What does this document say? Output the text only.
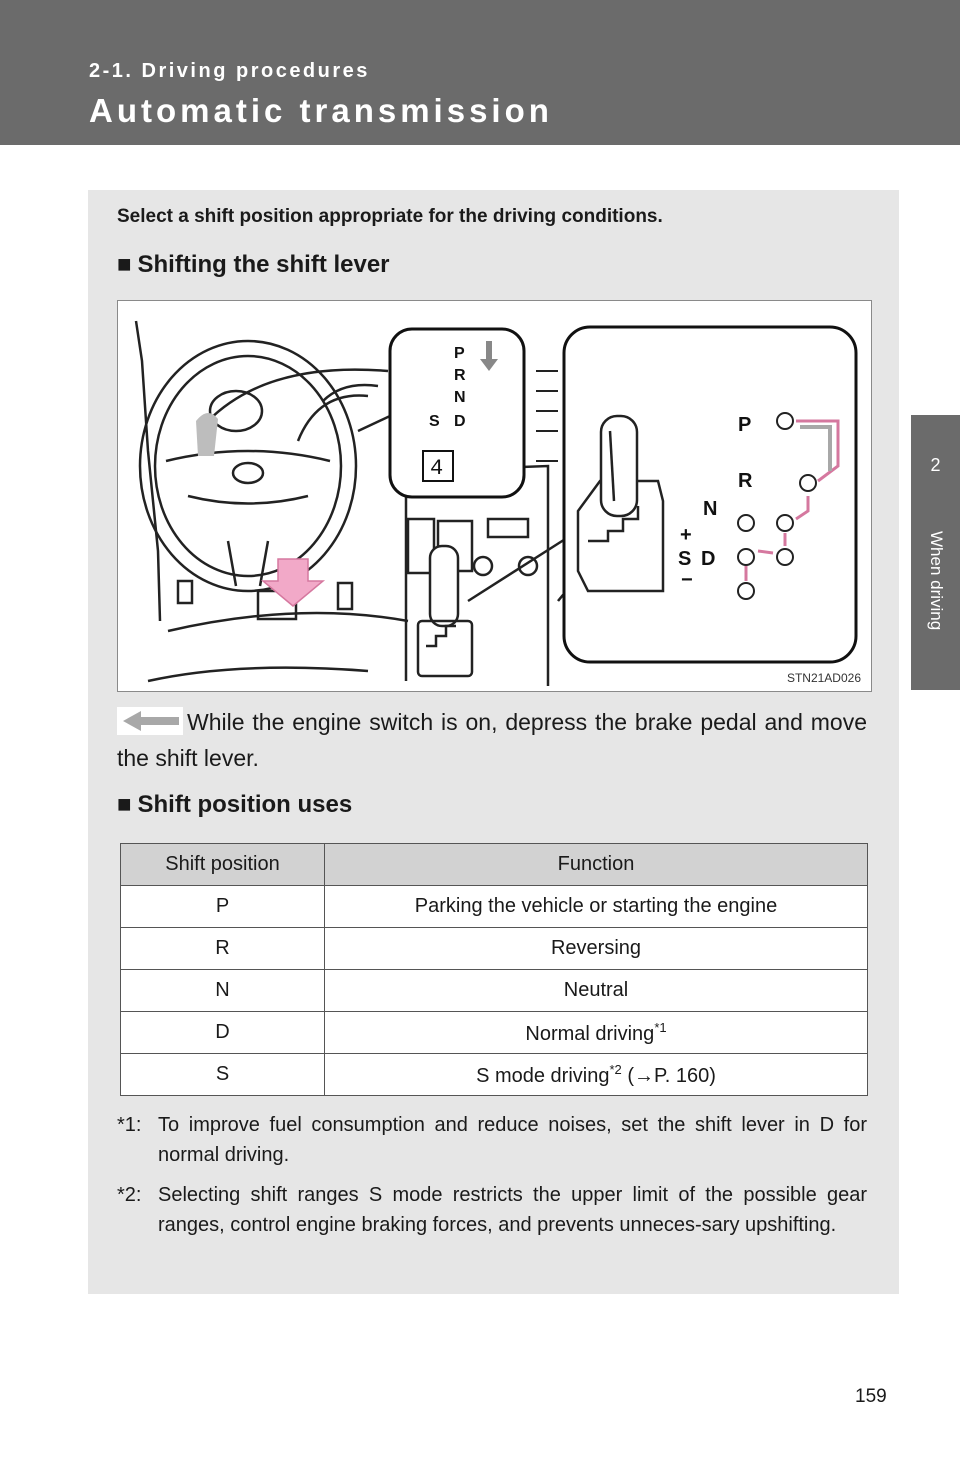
2-1. Driving procedures

Automatic transmission
2
When driving

Select a shift position appropriate for the driving conditions.

■ Shifting the shift lever
P
R
N
S D
4
P
R
N
+
S D
−
STN21AD026

While the engine switch is on, depress the brake pedal and move the shift lever.

■ Shift position uses
Shift position	Function
P	Parking the vehicle or starting the engine
R	Reversing
N	Neutral
D	Normal driving$^{*1}$
S	S mode driving$^{*2}$ (→P. 160)

*1: To improve fuel consumption and reduce noises, set the shift lever in D for normal driving.

*2: Selecting shift ranges S mode restricts the upper limit of the possible gear ranges, control engine braking forces, and prevents unneces-sary upshifting.

159
